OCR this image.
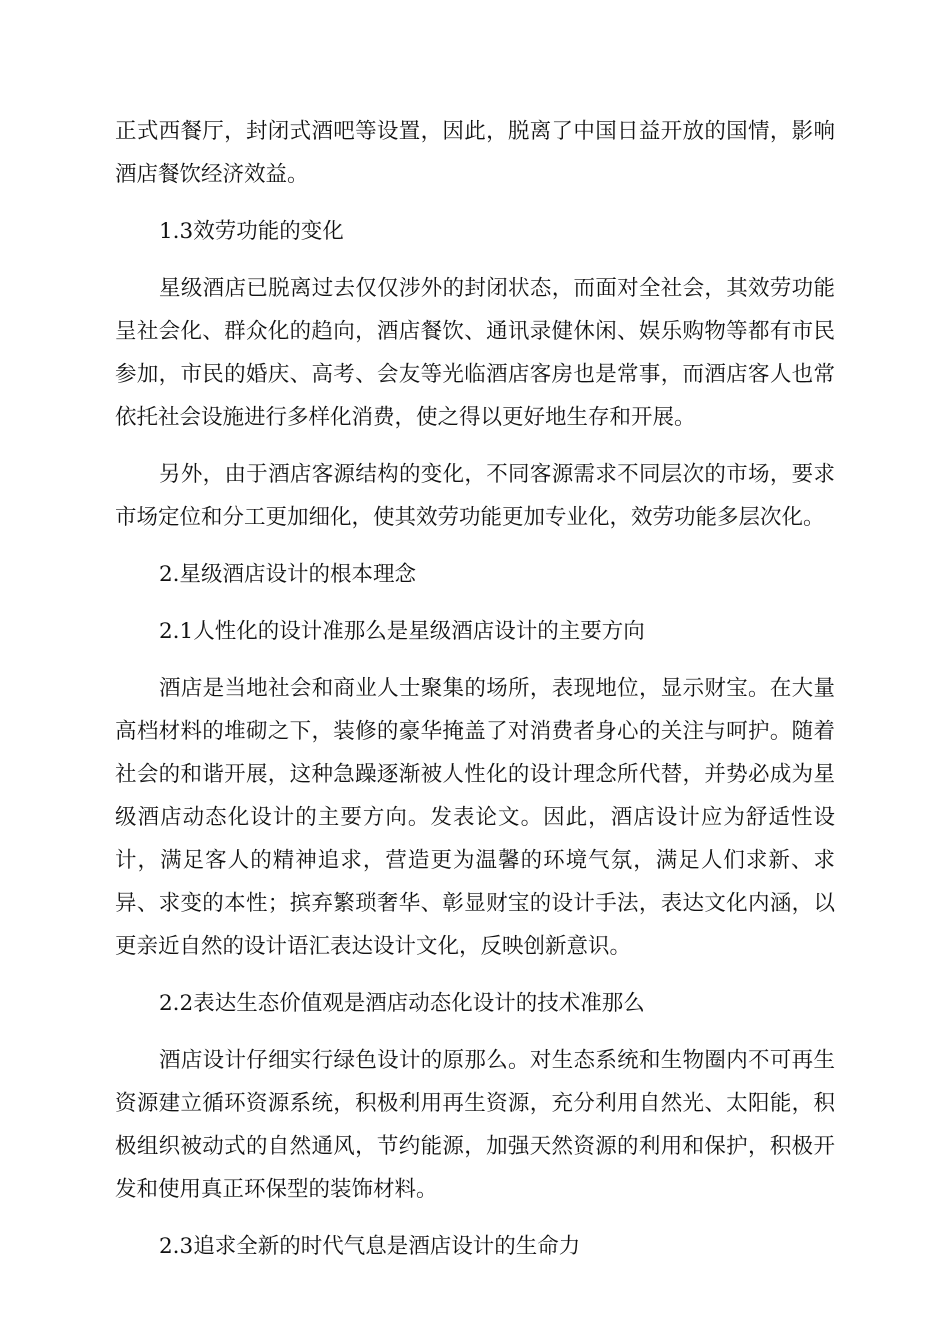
正式西餐厅，封闭式酒吧等设置，因此，脱离了中国日益开放的国情，影响酒店餐饮经济效益。

1.3效劳功能的变化

星级酒店已脱离过去仅仅涉外的封闭状态，而面对全社会，其效劳功能呈社会化、群众化的趋向，酒店餐饮、通讯录健休闲、娱乐购物等都有市民参加，市民的婚庆、高考、会友等光临酒店客房也是常事，而酒店客人也常依托社会设施进行多样化消费，使之得以更好地生存和开展。

另外，由于酒店客源结构的变化，不同客源需求不同层次的市场，要求市场定位和分工更加细化，使其效劳功能更加专业化，效劳功能多层次化。

2.星级酒店设计的根本理念

2.1人性化的设计准那么是星级酒店设计的主要方向

酒店是当地社会和商业人士聚集的场所，表现地位，显示财宝。在大量高档材料的堆砌之下，装修的豪华掩盖了对消费者身心的关注与呵护。随着社会的和谐开展，这种急躁逐渐被人性化的设计理念所代替，并势必成为星级酒店动态化设计的主要方向。发表论文。因此，酒店设计应为舒适性设计，满足客人的精神追求，营造更为温馨的环境气氛，满足人们求新、求异、求变的本性；摈弃繁琐奢华、彰显财宝的设计手法，表达文化内涵，以更亲近自然的设计语汇表达设计文化，反映创新意识。

2.2表达生态价值观是酒店动态化设计的技术准那么

酒店设计仔细实行绿色设计的原那么。对生态系统和生物圈内不可再生资源建立循环资源系统，积极利用再生资源，充分利用自然光、太阳能，积极组织被动式的自然通风，节约能源，加强天然资源的利用和保护，积极开发和使用真正环保型的装饰材料。

2.3追求全新的时代气息是酒店设计的生命力
